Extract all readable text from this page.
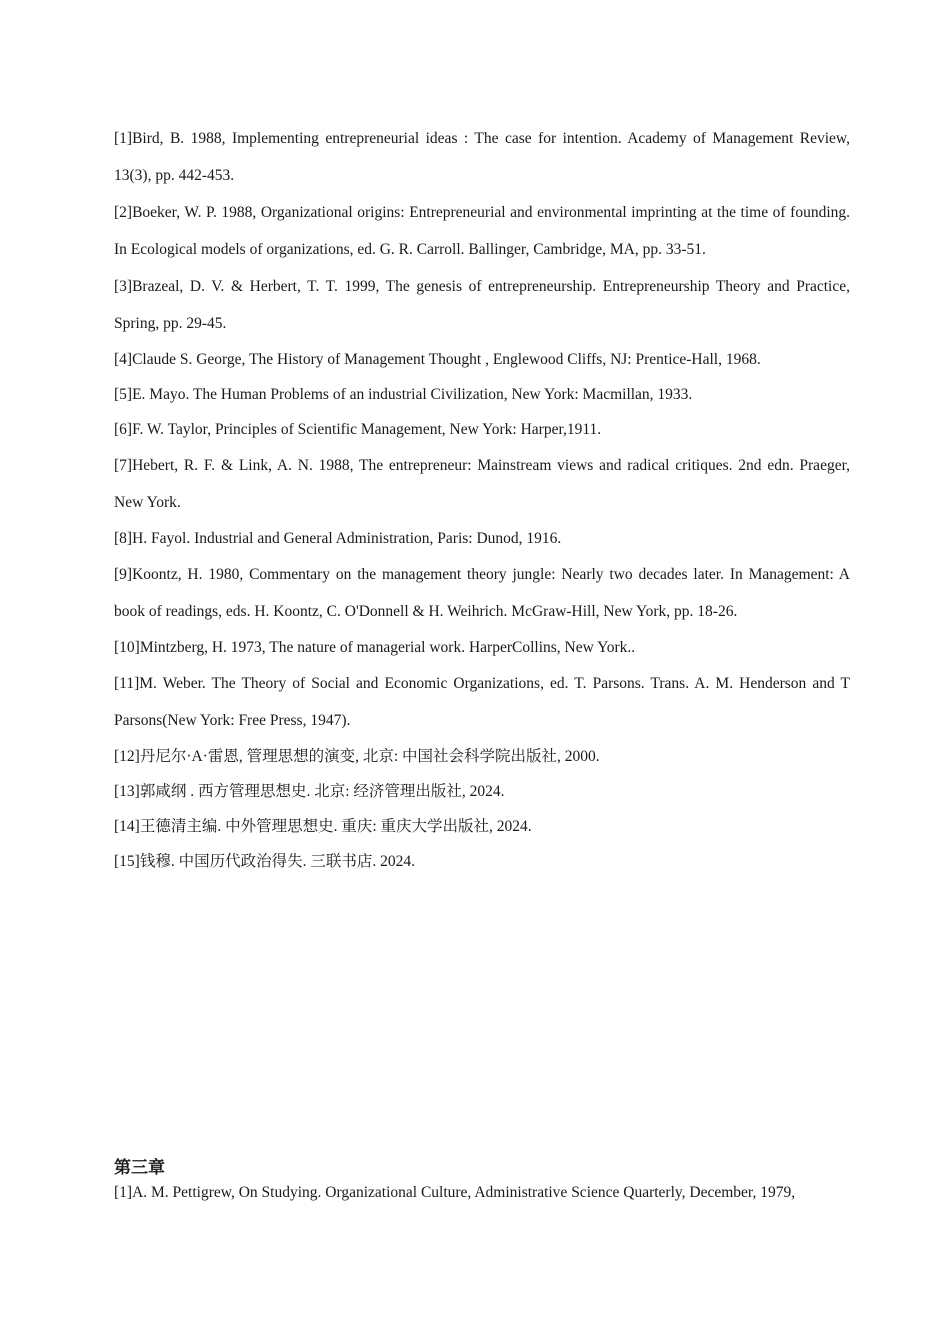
[1]Bird, B. 1988, Implementing entrepreneurial ideas : The case for intention. Academy of Management Review, 13(3), pp. 442-453.

[2]Boeker, W. P. 1988, Organizational origins: Entrepreneurial and environmental imprinting at the time of founding. In Ecological models of organizations, ed. G. R. Carroll. Ballinger, Cambridge, MA, pp. 33-51.

[3]Brazeal, D. V. & Herbert, T. T. 1999, The genesis of entrepreneurship. Entrepreneurship Theory and Practice, Spring, pp. 29-45.

[4]Claude S. George, The History of Management Thought , Englewood Cliffs, NJ: Prentice-Hall, 1968.

[5]E. Mayo. The Human Problems of an industrial Civilization, New York: Macmillan, 1933.

[6]F. W. Taylor, Principles of Scientific Management, New York: Harper,1911.

[7]Hebert, R. F. & Link, A. N. 1988, The entrepreneur: Mainstream views and radical critiques. 2nd edn. Praeger, New York.

[8]H. Fayol. Industrial and General Administration, Paris: Dunod, 1916.

[9]Koontz, H. 1980, Commentary on the management theory jungle: Nearly two decades later. In Management: A book of readings, eds. H. Koontz, C. O'Donnell & H. Weihrich. McGraw-Hill, New York, pp. 18-26.

[10]Mintzberg, H. 1973, The nature of managerial work. HarperCollins, New York..

[11]M. Weber. The Theory of Social and Economic Organizations, ed. T. Parsons. Trans. A. M. Henderson and T Parsons(New York: Free Press, 1947).

[12]丹尼尔·A·雷恩, 管理思想的演变, 北京: 中国社会科学院出版社, 2000.

[13]郭咸纲 . 西方管理思想史. 北京: 经济管理出版社, 2024.

[14]王德清主编. 中外管理思想史. 重庆: 重庆大学出版社, 2024.

[15]钱穆. 中国历代政治得失. 三联书店. 2024.

第三章

[1]A. M. Pettigrew, On Studying. Organizational Culture, Administrative Science Quarterly, December, 1979,
